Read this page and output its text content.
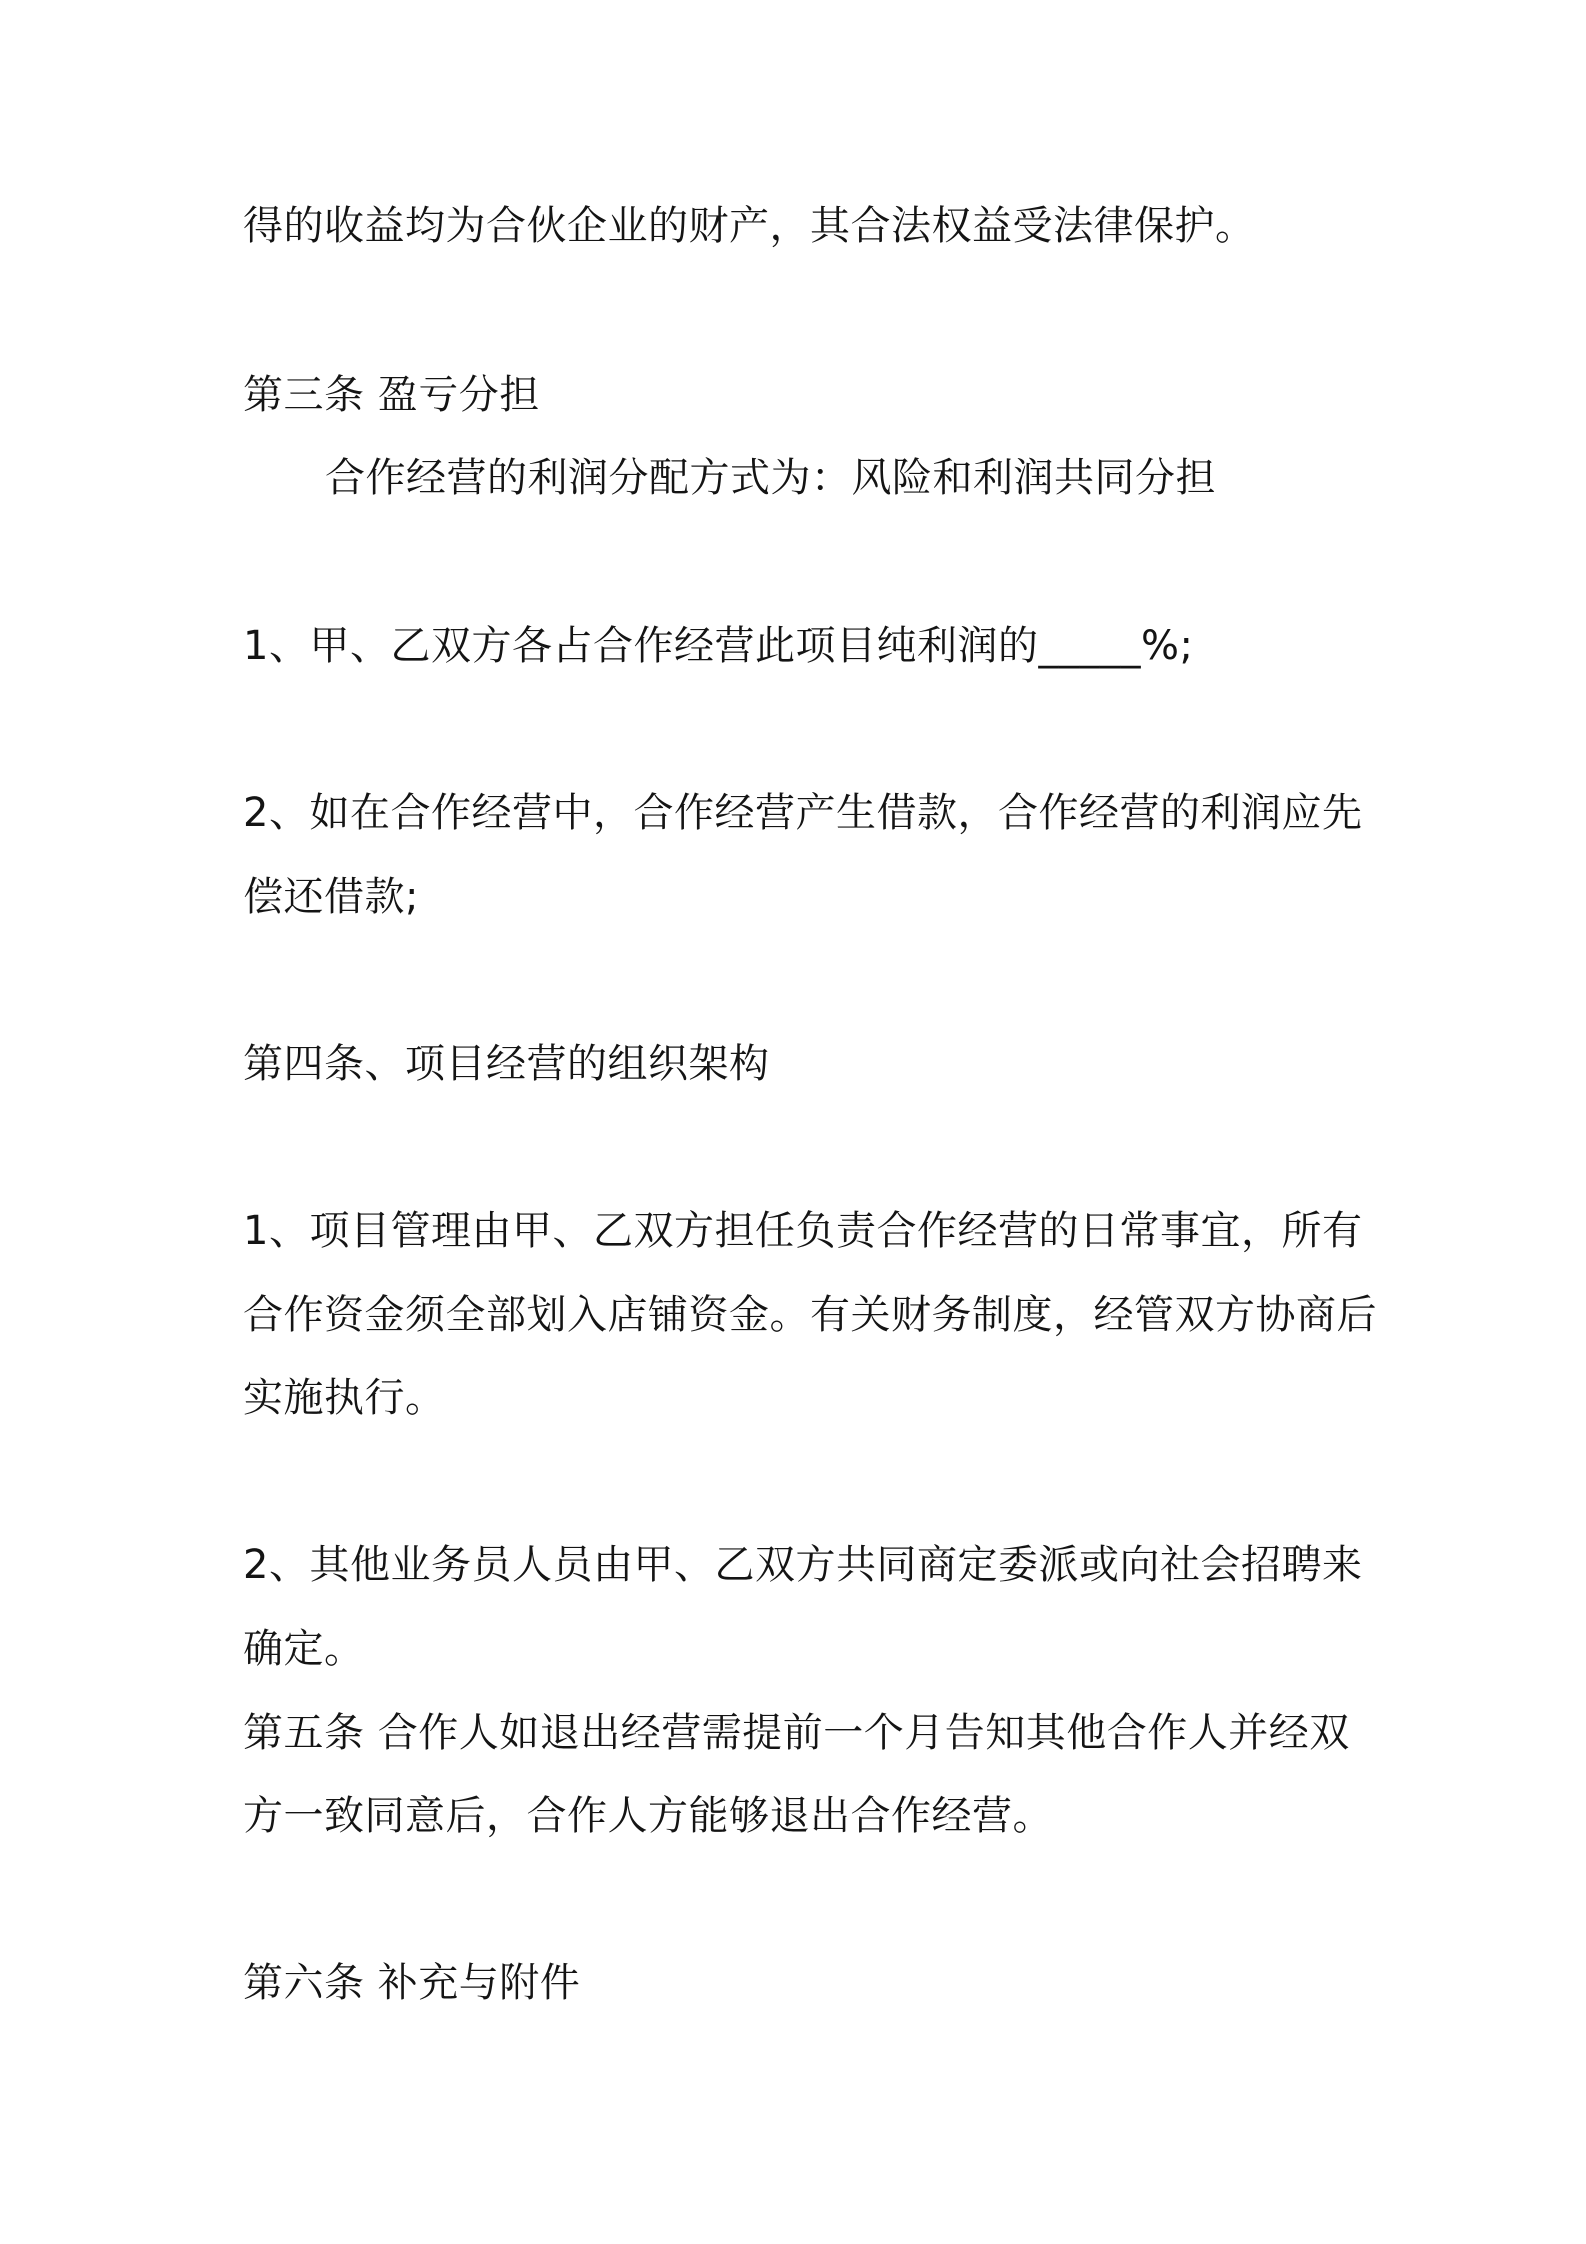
得的收益均为合伙企业的财产，其合法权益受法律保护。
第三条 盈亏分担
合作经营的利润分配方式为：风险和利润共同分担
1、甲、乙双方各占合作经营此项目纯利润的_____%;
2、如在合作经营中，合作经营产生借款，合作经营的利润应先
偿还借款;
第四条、项目经营的组织架构
1、项目管理由甲、乙双方担任负责合作经营的日常事宜，所有
合作资金须全部划入店铺资金。有关财务制度，经管双方协商后
实施执行。
2、其他业务员人员由甲、乙双方共同商定委派或向社会招聘来
确定。
第五条 合作人如退出经营需提前一个月告知其他合作人并经双
方一致同意后，合作人方能够退出合作经营。
第六条 补充与附件
